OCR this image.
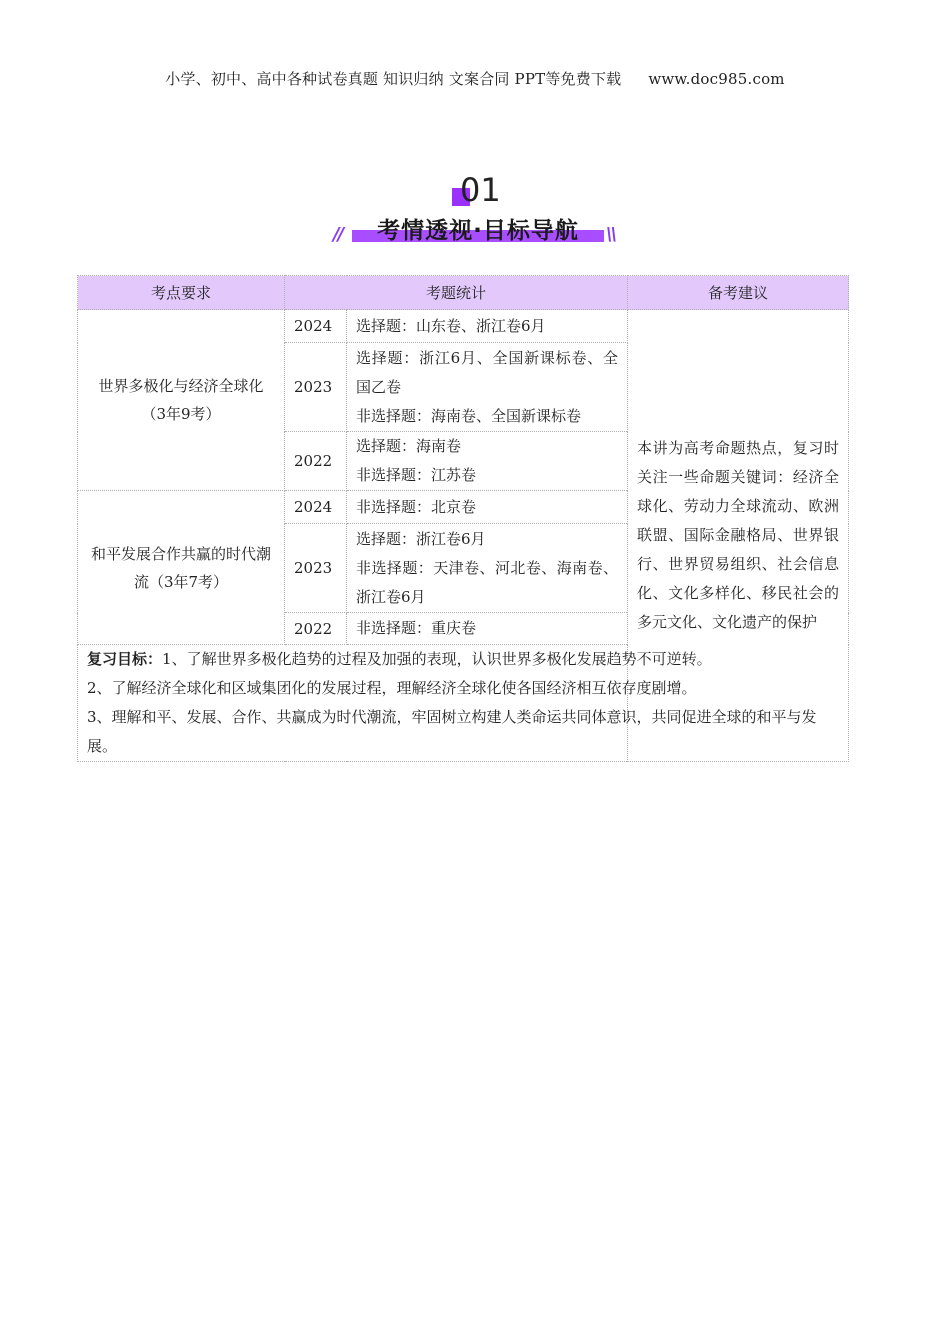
小学、初中、高中各种试卷真题 知识归纳 文案合同 PPT等免费下载 www.doc985.com
01
//	考情透视·目标导航	\\
考点要求	考题统计		备考建议
世界多极化与经济全球化（3年9考）	2024	选择题：山东卷、浙江卷6月	本讲为高考命题热点，复习时关注一些命题关键词：经济全球化、劳动力全球流动、欧洲联盟、国际金融格局、世界银行、世界贸易组织、社会信息化、文化多样化、移民社会的多元文化、文化遗产的保护
	2023	选择题：浙江6月、全国新课标卷、全国乙卷
非选择题：海南卷、全国新课标卷	

	2022	选择题：海南卷
非选择题：江苏卷	

和平发展合作共赢的时代潮流（3年7考）	2024	非选择题：北京卷	

	2023	选择题：浙江卷6月
非选择题：天津卷、河北卷、海南卷、浙江卷6月	

	2022	非选择题：重庆卷	

复习目标：1、了解世界多极化趋势的过程及加强的表现，认识世界多极化发展趋势不可逆转。
2、了解经济全球化和区域集团化的发展过程，理解经济全球化使各国经济相互依存度剧增。
3、理解和平、发展、合作、共赢成为时代潮流，牢固树立构建人类命运共同体意识，共同促进全球的和平与发展。			
